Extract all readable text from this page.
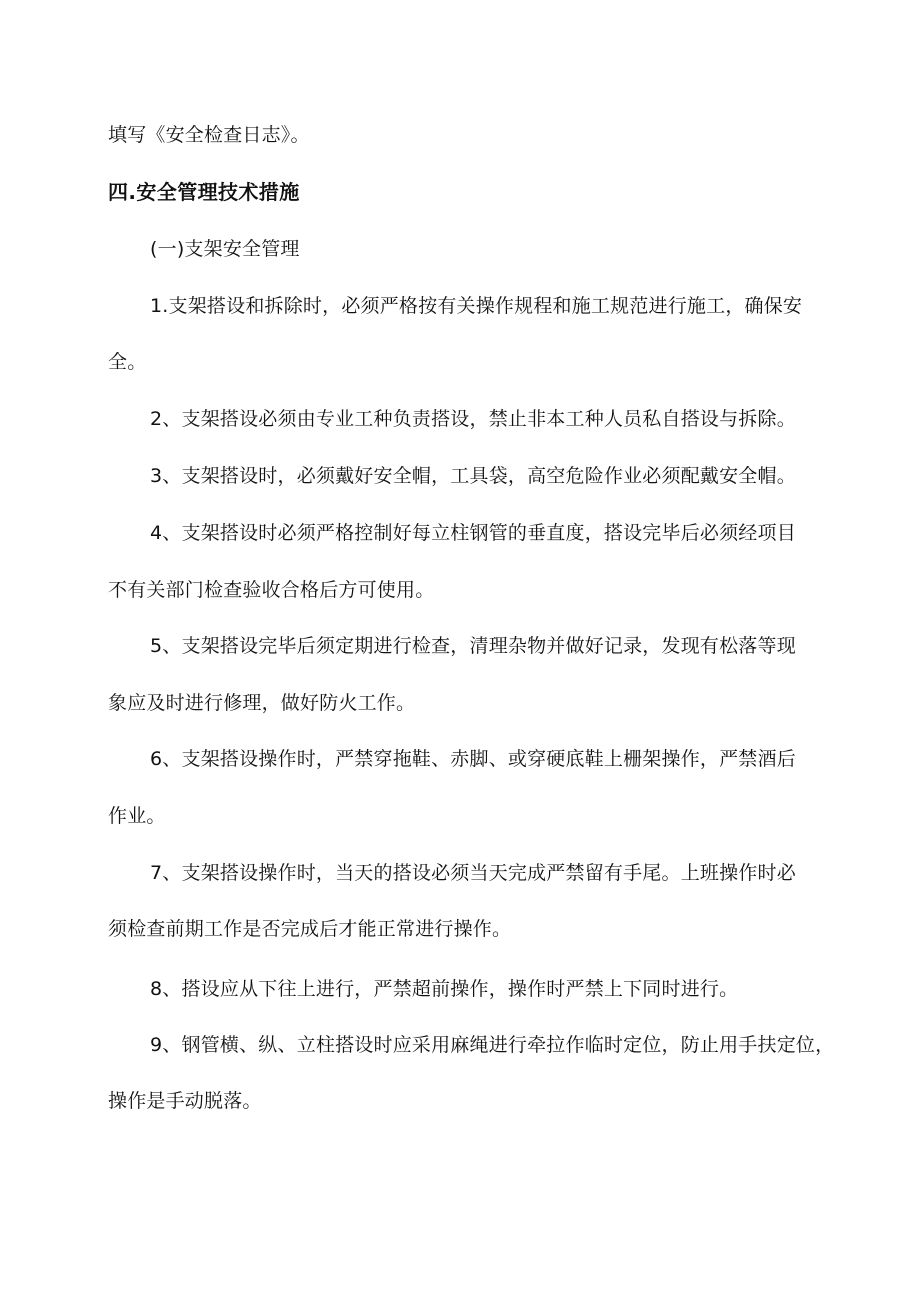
填写《安全检查日志》。
四.安全管理技术措施
(一)支架安全管理
1.支架搭设和拆除时，必须严格按有关操作规程和施工规范进行施工，确保安
全。
2、支架搭设必须由专业工种负责搭设，禁止非本工种人员私自搭设与拆除。
3、支架搭设时，必须戴好安全帽，工具袋，高空危险作业必须配戴安全帽。
4、支架搭设时必须严格控制好每立柱钢管的垂直度，搭设完毕后必须经项目
不有关部门检查验收合格后方可使用。
5、支架搭设完毕后须定期进行检查，清理杂物并做好记录，发现有松落等现
象应及时进行修理，做好防火工作。
6、支架搭设操作时，严禁穿拖鞋、赤脚、或穿硬底鞋上栅架操作，严禁酒后
作业。
7、支架搭设操作时，当天的搭设必须当天完成严禁留有手尾。上班操作时必
须检查前期工作是否完成后才能正常进行操作。
8、搭设应从下往上进行，严禁超前操作，操作时严禁上下同时进行。
9、钢管横、纵、立柱搭设时应采用麻绳进行牵拉作临时定位，防止用手扶定位，
操作是手动脱落。
